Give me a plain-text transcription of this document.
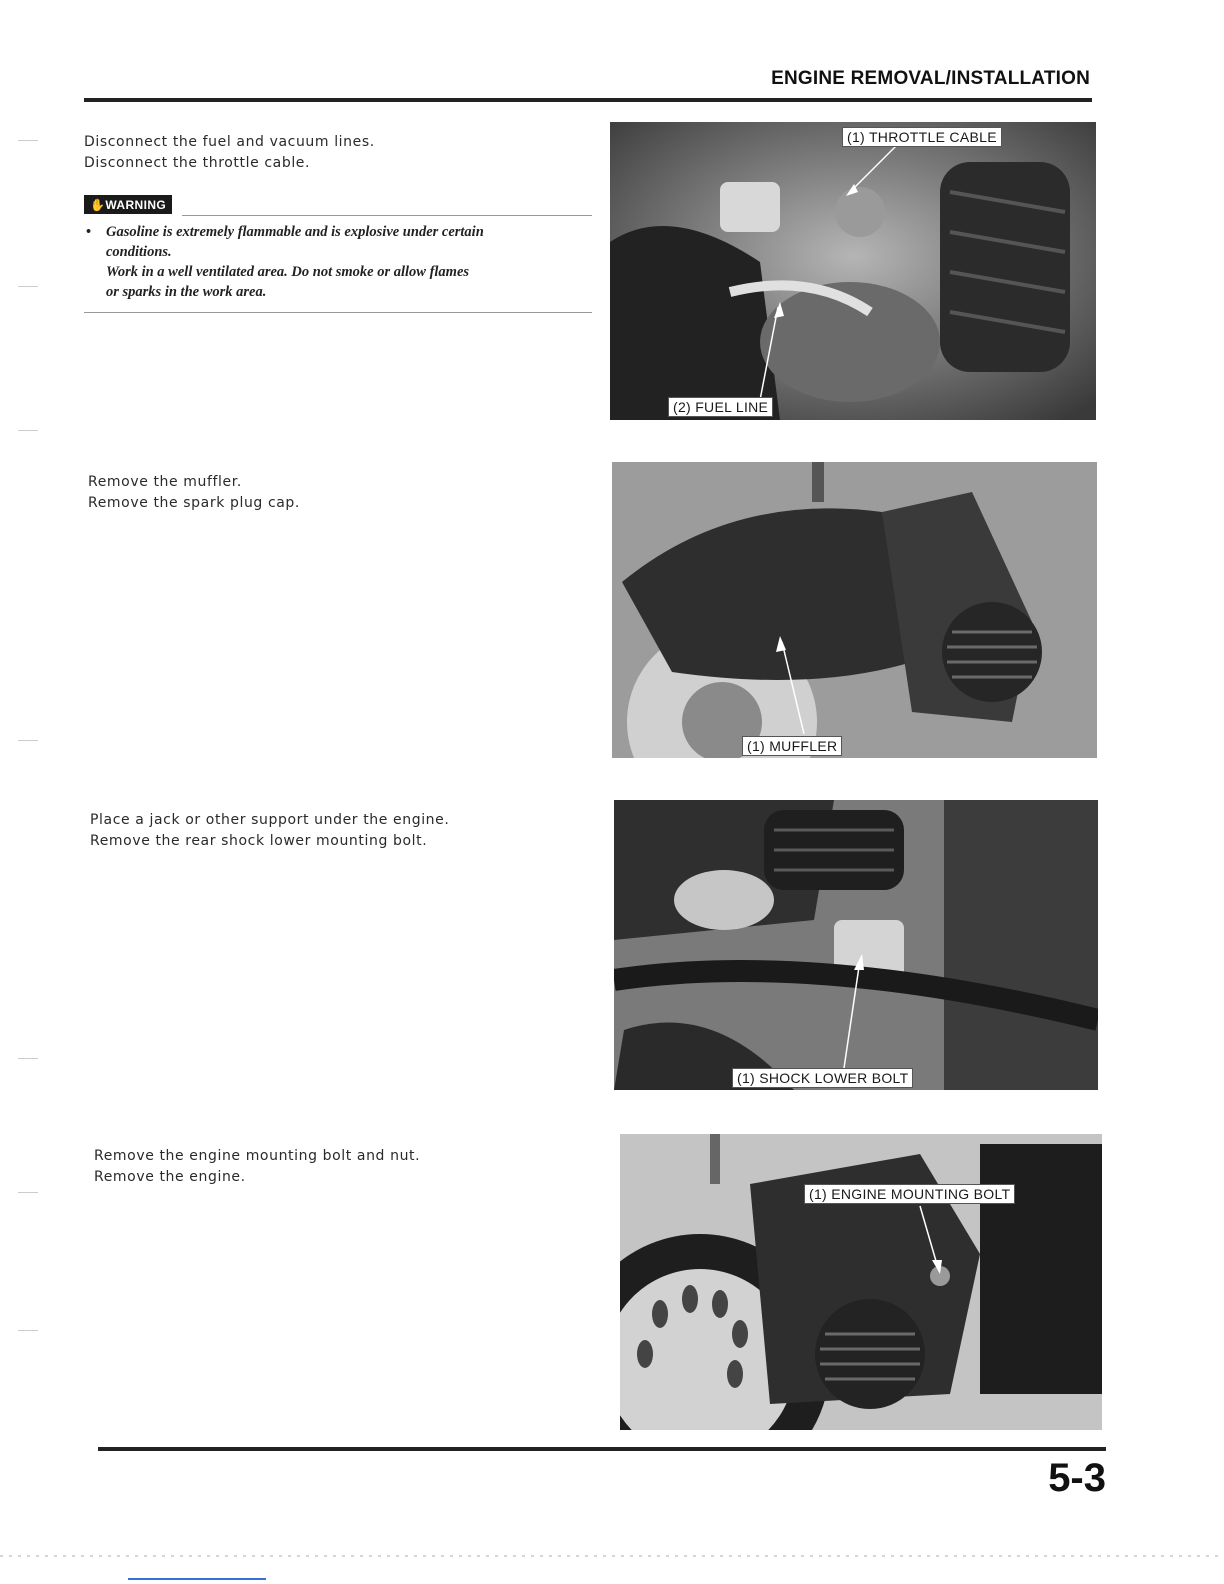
ENGINE REMOVAL/INSTALLATION

Disconnect the fuel and vacuum lines.

Disconnect the throttle cable.

✋WARNING
• Gasoline is extremely flammable and is explosive under certain

conditions.

Work in a well ventilated area. Do not smoke or allow flames

or sparks in the work area.

(1) THROTTLE CABLE
(2) FUEL LINE

Remove the muffler.

Remove the spark plug cap.

(1) MUFFLER

Place a jack or other support under the engine.

Remove the rear shock lower mounting bolt.

(1) SHOCK LOWER BOLT

Remove the engine mounting bolt and nut.

Remove the engine.

(1) ENGINE MOUNTING BOLT
5-3
